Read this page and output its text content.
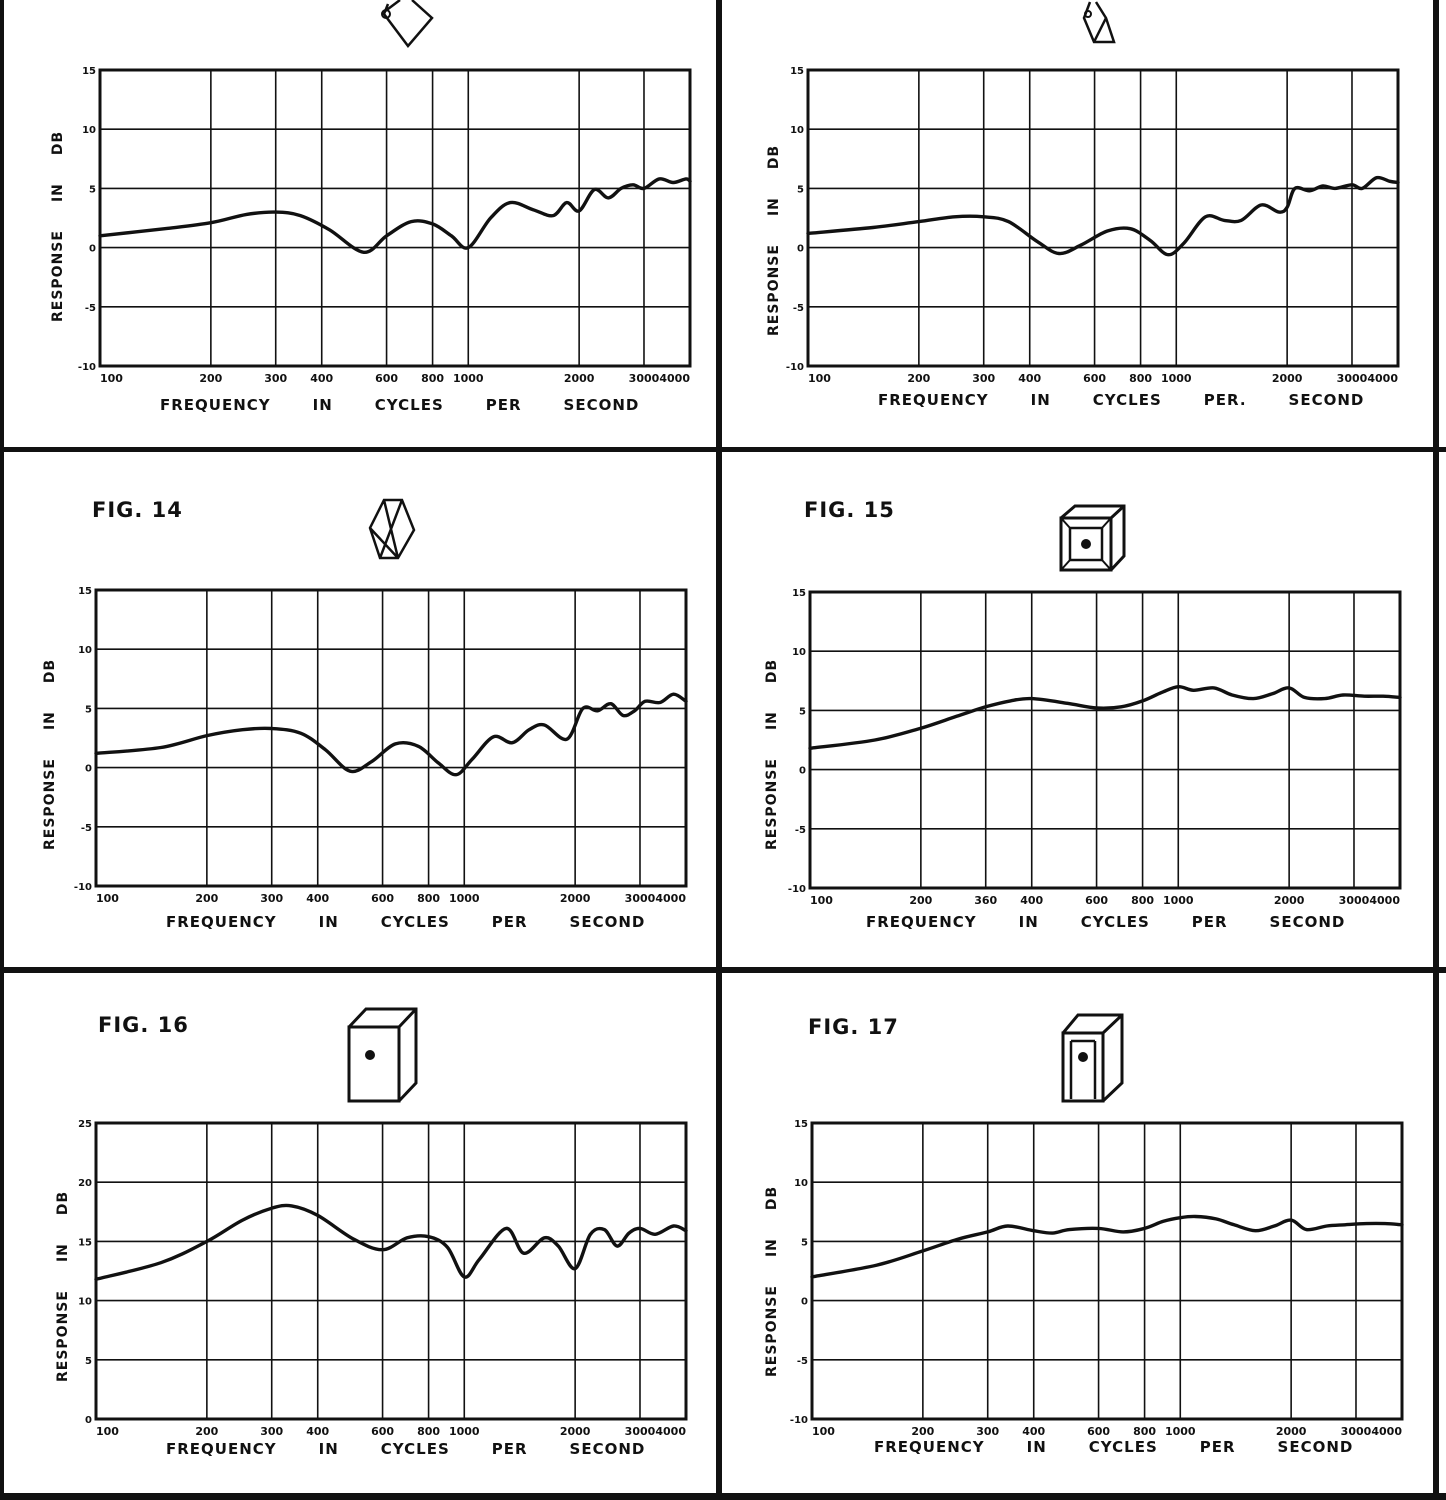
RESPONSEINDB
-10
-5
0
5
10
15
100	200	300 400	600 800 1000	2000	3000 4000
FREQUENCY	IN	CYCLES	PER	SECOND
RESPONSEINDB
-10
-5
0
5
10
15
100	200	300 400	600 800 1000	2000	3000 4000
FREQUENCY	IN	CYCLES	PER.	SECOND
FIG. 14
RESPONSEINDB
-10
-5
0
5
10
15
100	200	300 400	600 800 1000	2000	3000 4000
FREQUENCY	IN	CYCLES	PER	SECOND
FIG. 15
RESPONSEINDB
-10
-5
0
5
10
15
100	200	360 400	600 800 1000	2000	3000 4000
FREQUENCY	IN	CYCLES	PER	SECOND
FIG. 16
RESPONSEINDB
0
5
10
15
20
25
100	200	300 400	600 800 1000	2000	3000 4000
FREQUENCY	IN	CYCLES	PER	SECOND
FIG. 17
RESPONSEINDB
-10
-5
0
5
10
15
100	200	300 400	600 800 1000	2000	3000 4000
FREQUENCY	IN	CYCLES	PER	SECOND
